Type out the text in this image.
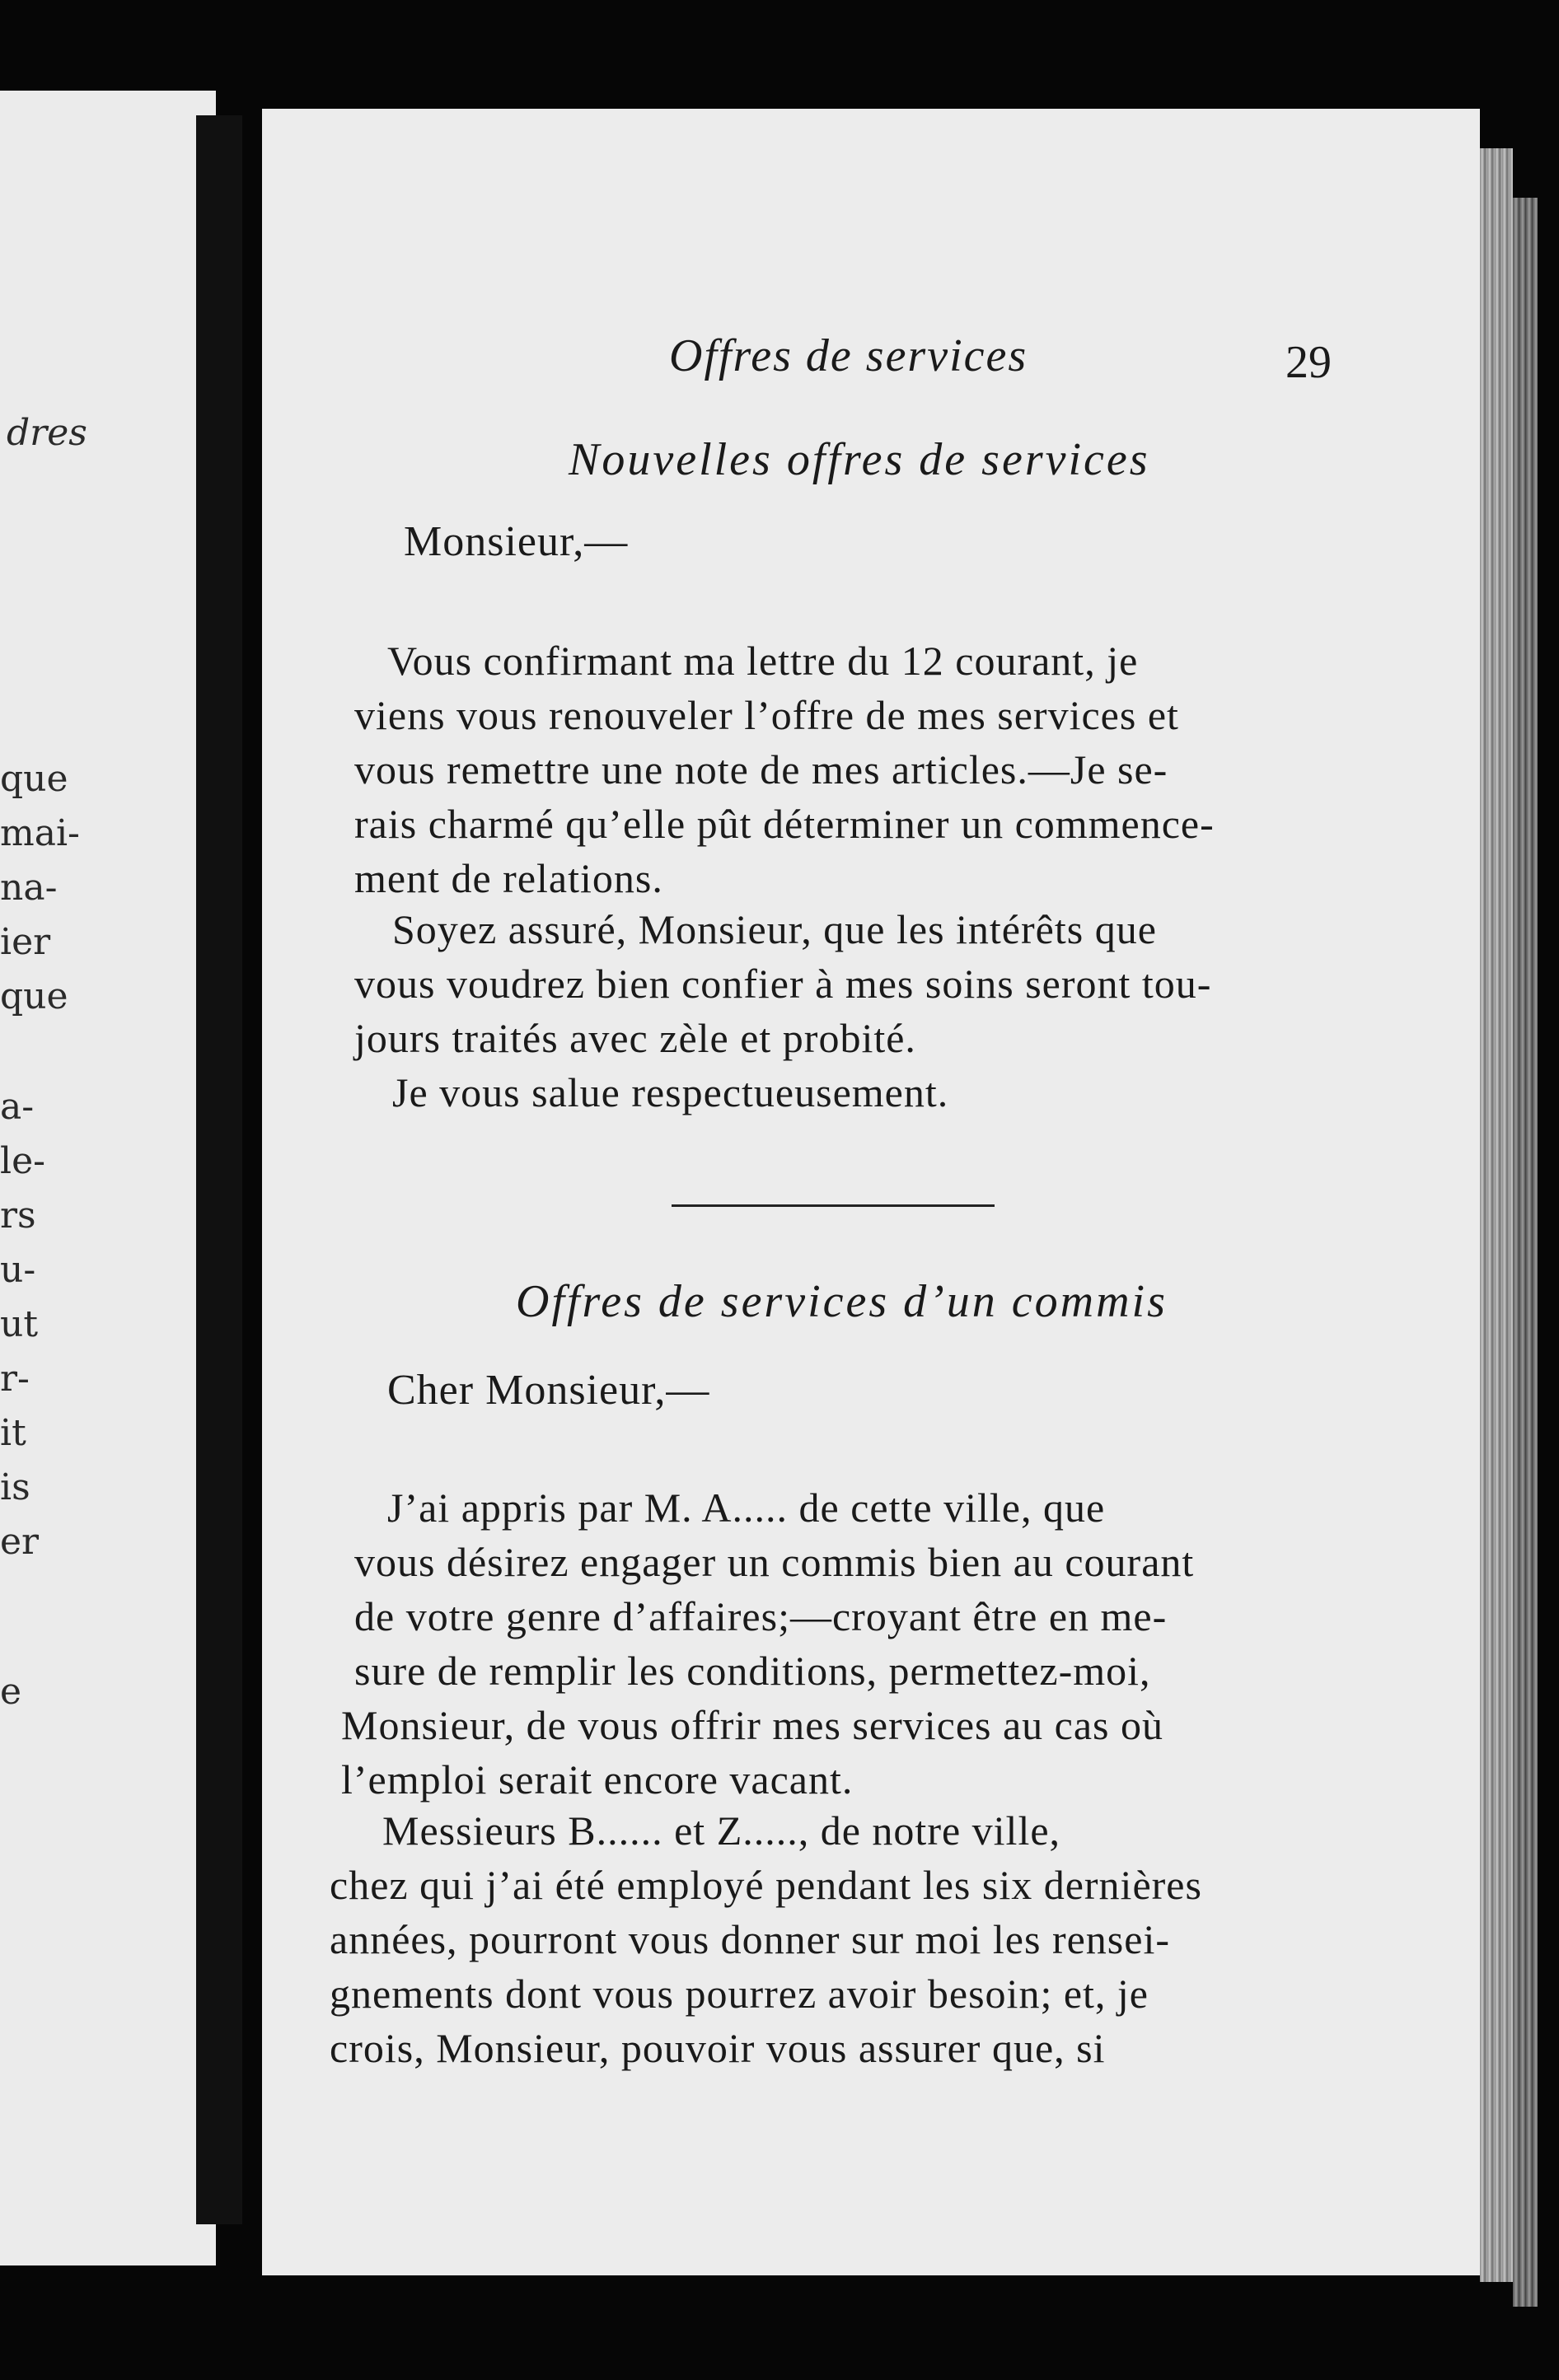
dres
que
mai-
na-
ier
que
a-
le-
rs
u-
ut
r-
it
is
er
e
Offres de services	29
Nouvelles offres de services
Monsieur,—
Vous confirmant ma lettre du 12 courant, je
viens vous renouveler l’offre de mes services et
vous remettre une note de mes articles.—Je se-
rais charmé qu’elle pût déterminer un commence-
ment de relations.
Soyez assuré, Monsieur, que les intérêts que
vous voudrez bien confier à mes soins seront tou-
jours traités avec zèle et probité.
Je vous salue respectueusement.
Offres de services d’un commis
Cher Monsieur,—
J’ai appris par M. A..... de cette ville, que
vous désirez engager un commis bien au courant
de votre genre d’affaires;—croyant être en me-
sure de remplir les conditions, permettez-moi,
Monsieur, de vous offrir mes services au cas où
l’emploi serait encore vacant.
Messieurs B...... et Z....., de notre ville,
chez qui j’ai été employé pendant les six dernières
années, pourront vous donner sur moi les rensei-
gnements dont vous pourrez avoir besoin; et, je
crois, Monsieur, pouvoir vous assurer que, si
